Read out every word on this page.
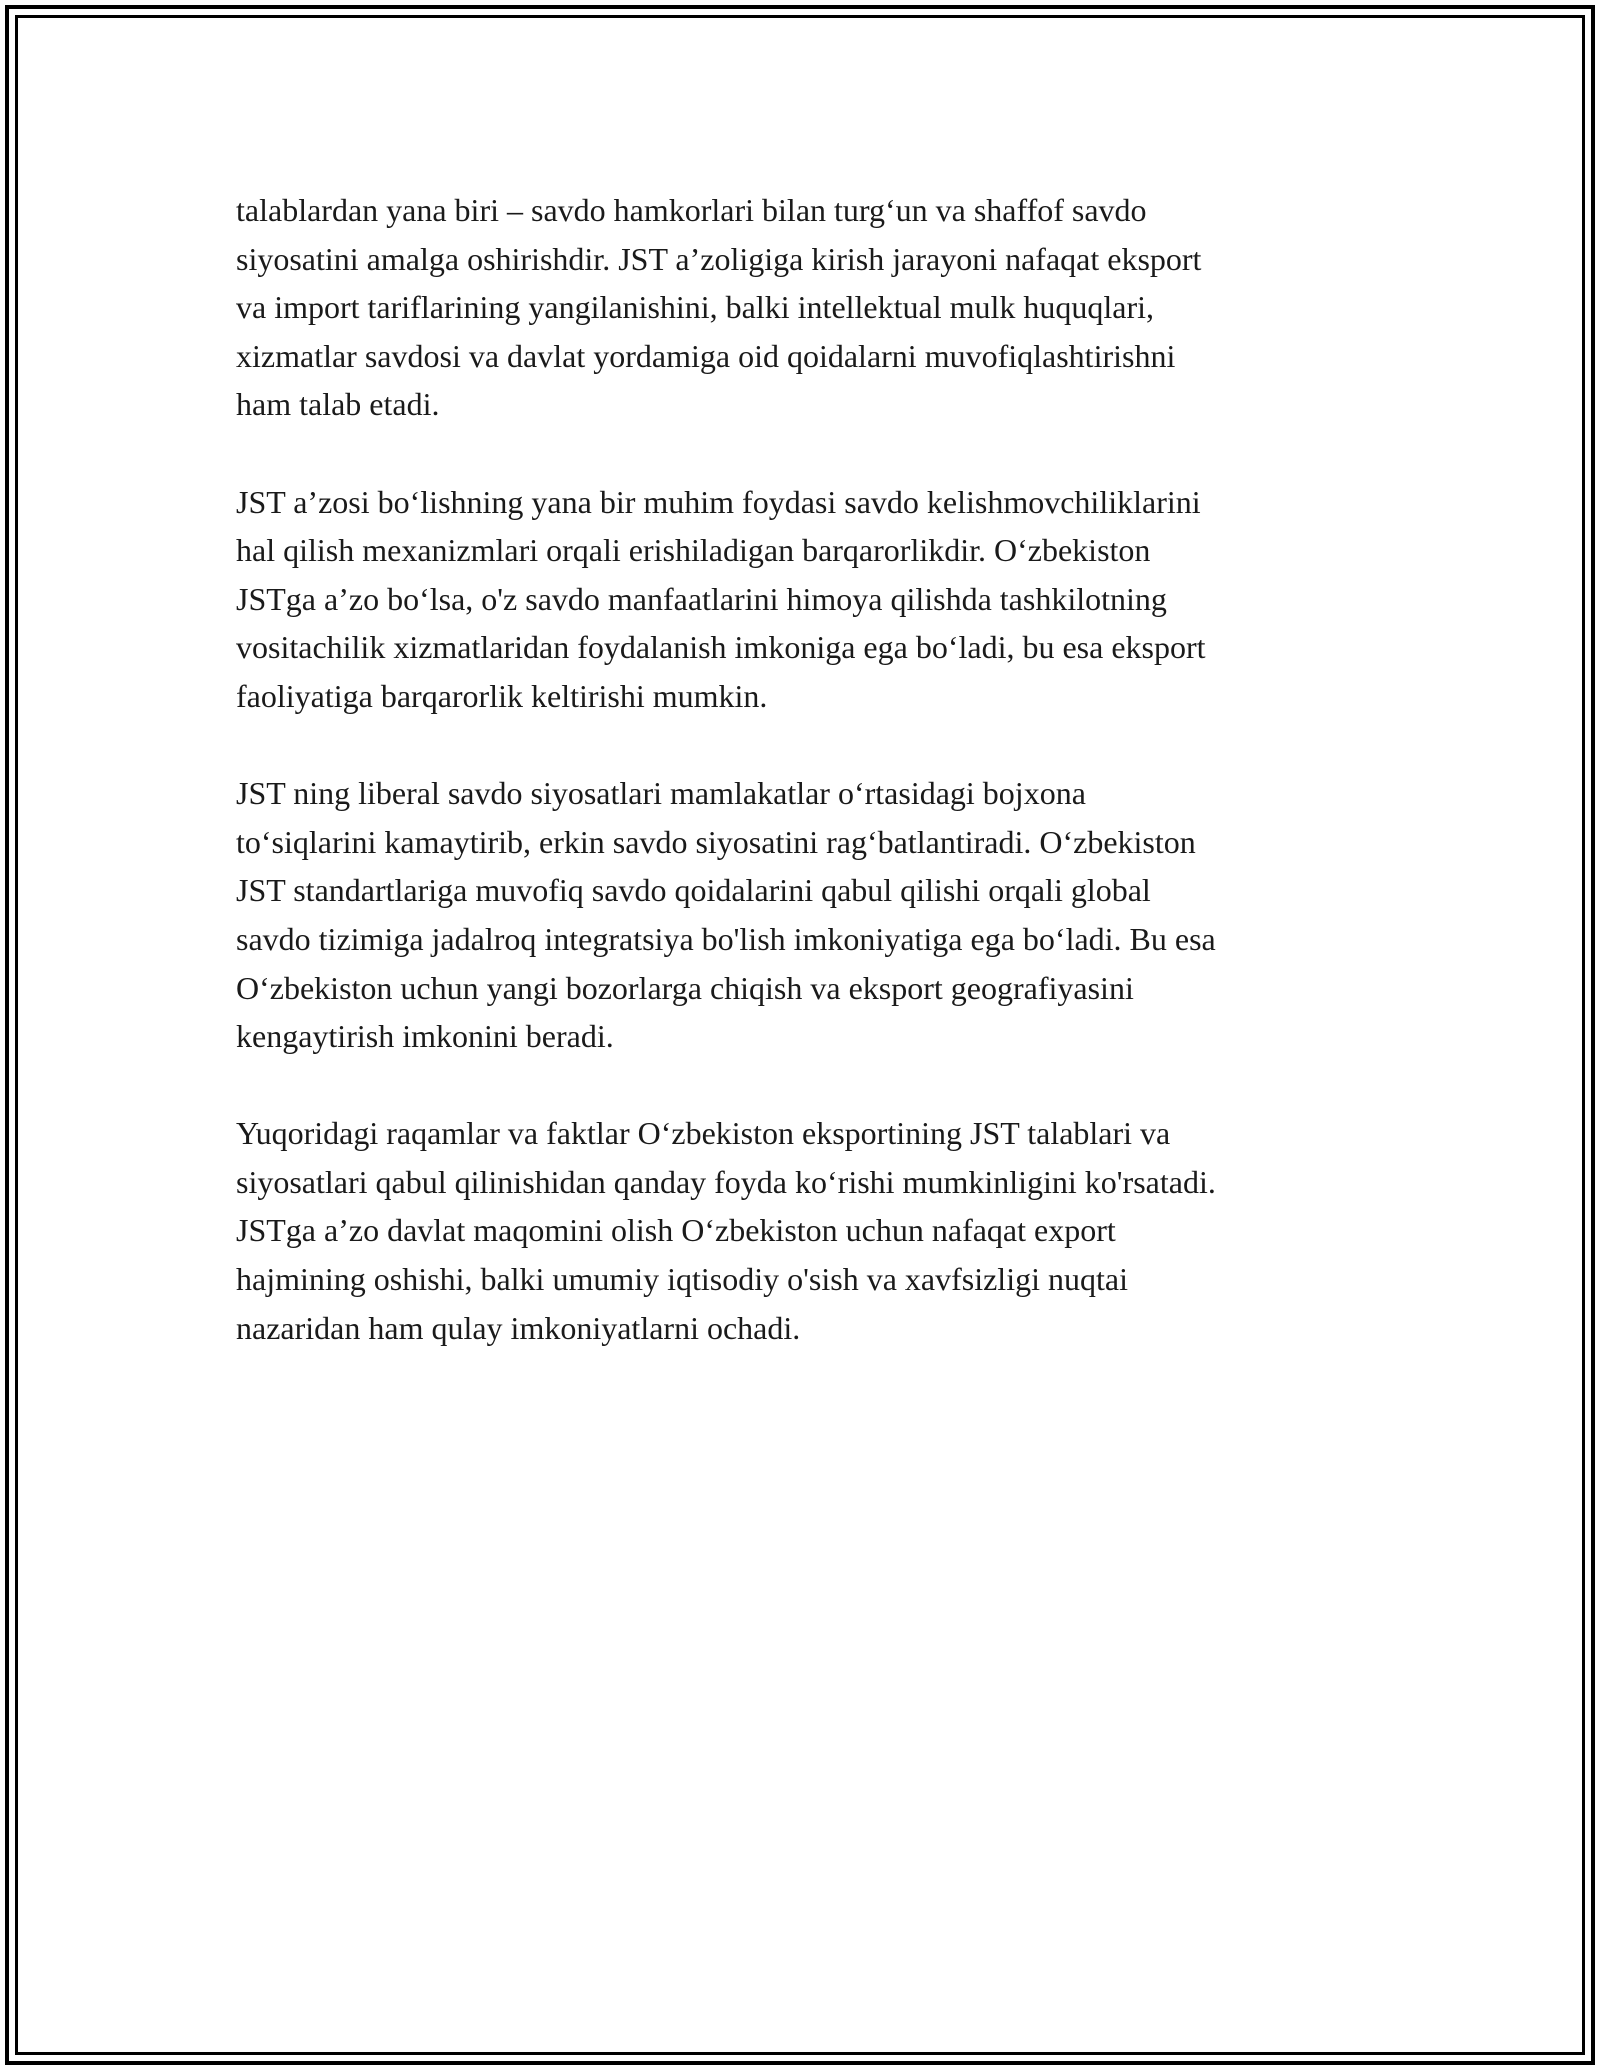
talablardan yana biri – savdo hamkorlari bilan turg‘un va shaffof savdo
siyosatini amalga oshirishdir. JST a’zoligiga kirish jarayoni nafaqat eksport
va import tariflarining yangilanishini, balki intellektual mulk huquqlari,
xizmatlar savdosi va davlat yordamiga oid qoidalarni muvofiqlashtirishni
ham talab etadi.

JST a’zosi bo‘lishning yana bir muhim foydasi savdo kelishmovchiliklarini
hal qilish mexanizmlari orqali erishiladigan barqarorlikdir. O‘zbekiston
JSTga a’zo bo‘lsa, o'z savdo manfaatlarini himoya qilishda tashkilotning
vositachilik xizmatlaridan foydalanish imkoniga ega bo‘ladi, bu esa eksport
faoliyatiga barqarorlik keltirishi mumkin.

JST ning liberal savdo siyosatlari mamlakatlar o‘rtasidagi bojxona
to‘siqlarini kamaytirib, erkin savdo siyosatini rag‘batlantiradi. O‘zbekiston
JST standartlariga muvofiq savdo qoidalarini qabul qilishi orqali global
savdo tizimiga jadalroq integratsiya bo'lish imkoniyatiga ega bo‘ladi. Bu esa
O‘zbekiston uchun yangi bozorlarga chiqish va eksport geografiyasini
kengaytirish imkonini beradi.

Yuqoridagi raqamlar va faktlar O‘zbekiston eksportining JST talablari va
siyosatlari qabul qilinishidan qanday foyda ko‘rishi mumkinligini ko'rsatadi.
JSTga a’zo davlat maqomini olish O‘zbekiston uchun nafaqat export
hajmining oshishi, balki umumiy iqtisodiy o'sish va xavfsizligi nuqtai
nazaridan ham qulay imkoniyatlarni ochadi.
